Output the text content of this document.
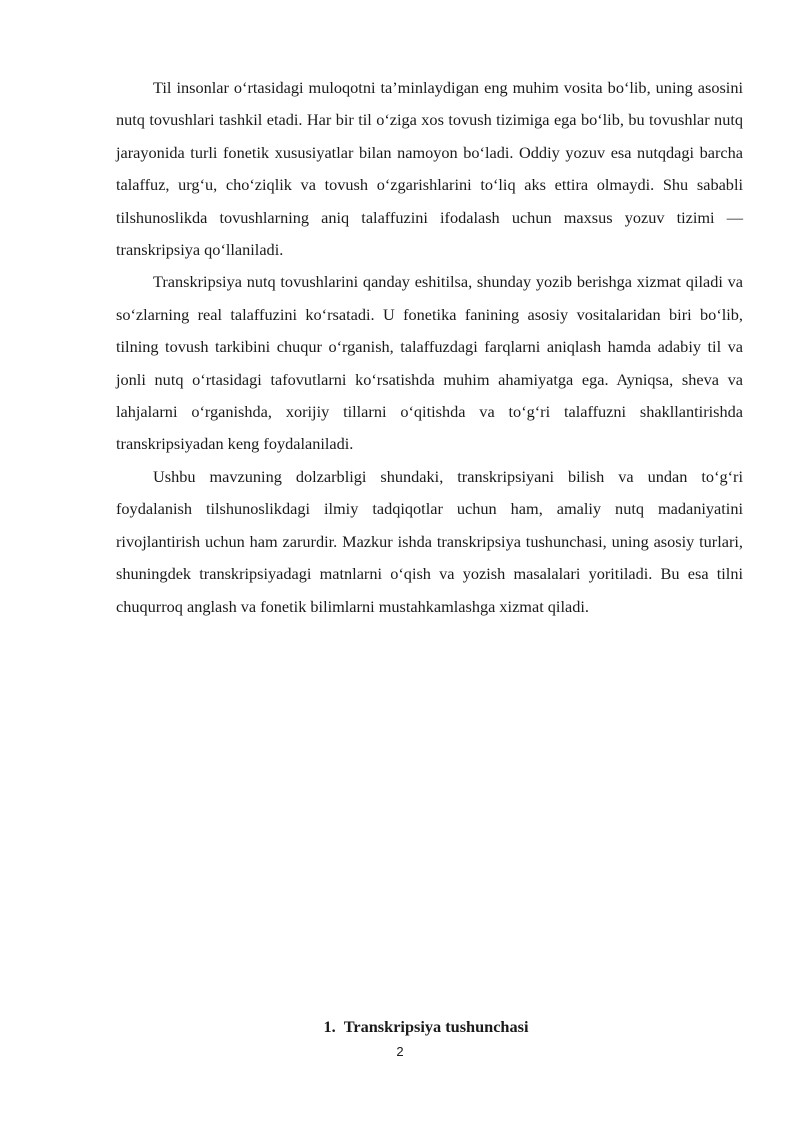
Til insonlar o‘rtasidagi muloqotni ta’minlaydigan eng muhim vosita bo‘lib, uning asosini nutq tovushlari tashkil etadi. Har bir til o‘ziga xos tovush tizimiga ega bo‘lib, bu tovushlar nutq jarayonida turli fonetik xususiyatlar bilan namoyon bo‘ladi. Oddiy yozuv esa nutqdagi barcha talaffuz, urg‘u, cho‘ziqlik va tovush o‘zgarishlarini to‘liq aks ettira olmaydi. Shu sababli tilshunoslikda tovushlarning aniq talaffuzini ifodalash uchun maxsus yozuv tizimi — transkripsiya qo‘llaniladi.

Transkripsiya nutq tovushlarini qanday eshitilsa, shunday yozib berishga xizmat qiladi va so‘zlarning real talaffuzini ko‘rsatadi. U fonetika fanining asosiy vositalaridan biri bo‘lib, tilning tovush tarkibini chuqur o‘rganish, talaffuzdagi farqlarni aniqlash hamda adabiy til va jonli nutq o‘rtasidagi tafovutlarni ko‘rsatishda muhim ahamiyatga ega. Ayniqsa, sheva va lahjalarni o‘rganishda, xorijiy tillarni o‘qitishda va to‘g‘ri talaffuzni shakllantirishda transkripsiyadan keng foydalaniladi.

Ushbu mavzuning dolzarbligi shundaki, transkripsiyani bilish va undan to‘g‘ri foydalanish tilshunoslikdagi ilmiy tadqiqotlar uchun ham, amaliy nutq madaniyatini rivojlantirish uchun ham zarurdir. Mazkur ishda transkripsiya tushunchasi, uning asosiy turlari, shuningdek transkripsiyadagi matnlarni o‘qish va yozish masalalari yoritiladi. Bu esa tilni chuqurroq anglash va fonetik bilimlarni mustahkamlashga xizmat qiladi.

1. Transkripsiya tushunchasi
2
